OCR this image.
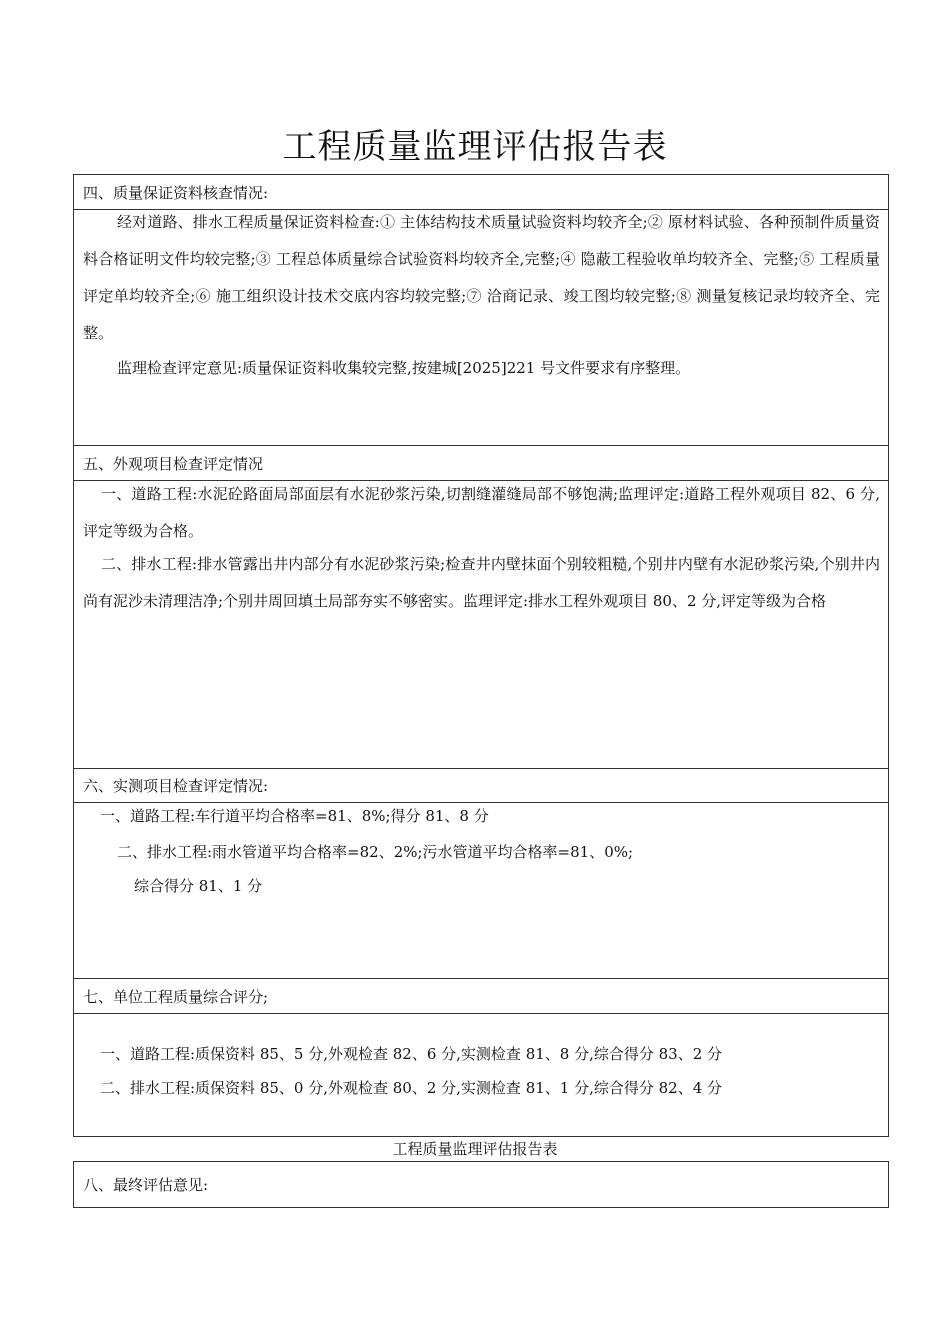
工程质量监理评估报告表
四、质量保证资料核查情况:
经对道路、排水工程质量保证资料检查:① 主体结构技术质量试验资料均较齐全;② 原材料试验、各种预制件质量资料合格证明文件均较完整;③ 工程总体质量综合试验资料均较齐全,完整;④ 隐蔽工程验收单均较齐全、完整;⑤ 工程质量评定单均较齐全;⑥ 施工组织设计技术交底内容均较完整;⑦ 洽商记录、竣工图均较完整;⑧ 测量复核记录均较齐全、完整。
监理检查评定意见:质量保证资料收集较完整,按建城[2025]221 号文件要求有序整理。
五、外观项目检查评定情况
一、道路工程:水泥砼路面局部面层有水泥砂浆污染,切割缝灌缝局部不够饱满;监理评定:道路工程外观项目 82、6 分,评定等级为合格。
二、排水工程:排水管露出井内部分有水泥砂浆污染;检查井内壁抹面个别较粗糙,个别井内壁有水泥砂浆污染,个别井内尚有泥沙未清理洁净;个别井周回填土局部夯实不够密实。监理评定:排水工程外观项目 80、2 分,评定等级为合格
六、实测项目检查评定情况:
一、道路工程:车行道平均合格率=81、8%;得分 81、8 分
二、排水工程:雨水管道平均合格率=82、2%;污水管道平均合格率=81、0%;
综合得分 81、1 分
七、单位工程质量综合评分;
一、道路工程:质保资料 85、5 分,外观检查 82、6 分,实测检查 81、8 分,综合得分 83、2 分
二、排水工程:质保资料 85、0 分,外观检查 80、2 分,实测检查 81、1 分,综合得分 82、4 分
工程质量监理评估报告表
八、最终评估意见:
